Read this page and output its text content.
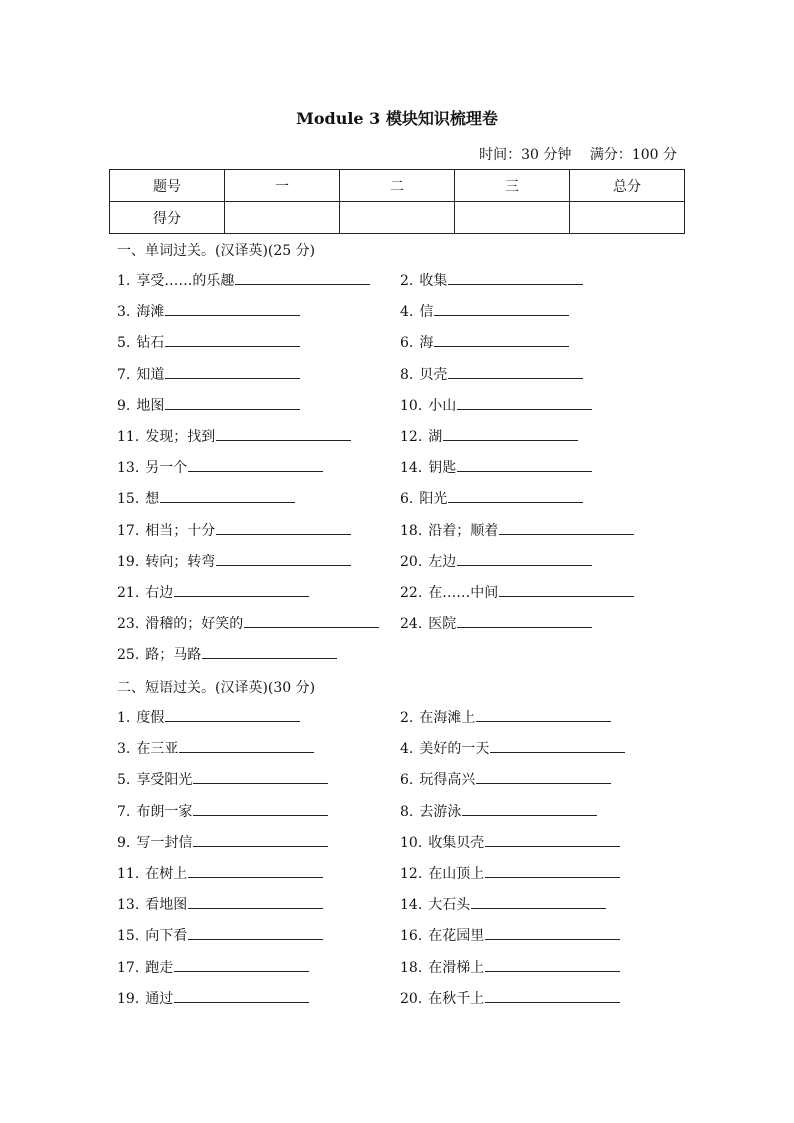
Module 3 模块知识梳理卷
时间：30 分钟 满分：100 分
题号	一	二	三	总分
得分				
一、单词过关。(汉译英)(25 分)
1. 享受……的乐趣	2. 收集
3. 海滩	4. 信
5. 钻石	6. 海
7. 知道	8. 贝壳
9. 地图	10. 小山
11. 发现；找到	12. 湖
13. 另一个	14. 钥匙
15. 想	6. 阳光
17. 相当；十分	18. 沿着；顺着
19. 转向；转弯	20. 左边
21. 右边	22. 在……中间
23. 滑稽的；好笑的	24. 医院
25. 路；马路
二、短语过关。(汉译英)(30 分)
1. 度假	2. 在海滩上
3. 在三亚	4. 美好的一天
5. 享受阳光	6. 玩得高兴
7. 布朗一家	8. 去游泳
9. 写一封信	10. 收集贝壳
11. 在树上	12. 在山顶上
13. 看地图	14. 大石头
15. 向下看	16. 在花园里
17. 跑走	18. 在滑梯上
19. 通过	20. 在秋千上
